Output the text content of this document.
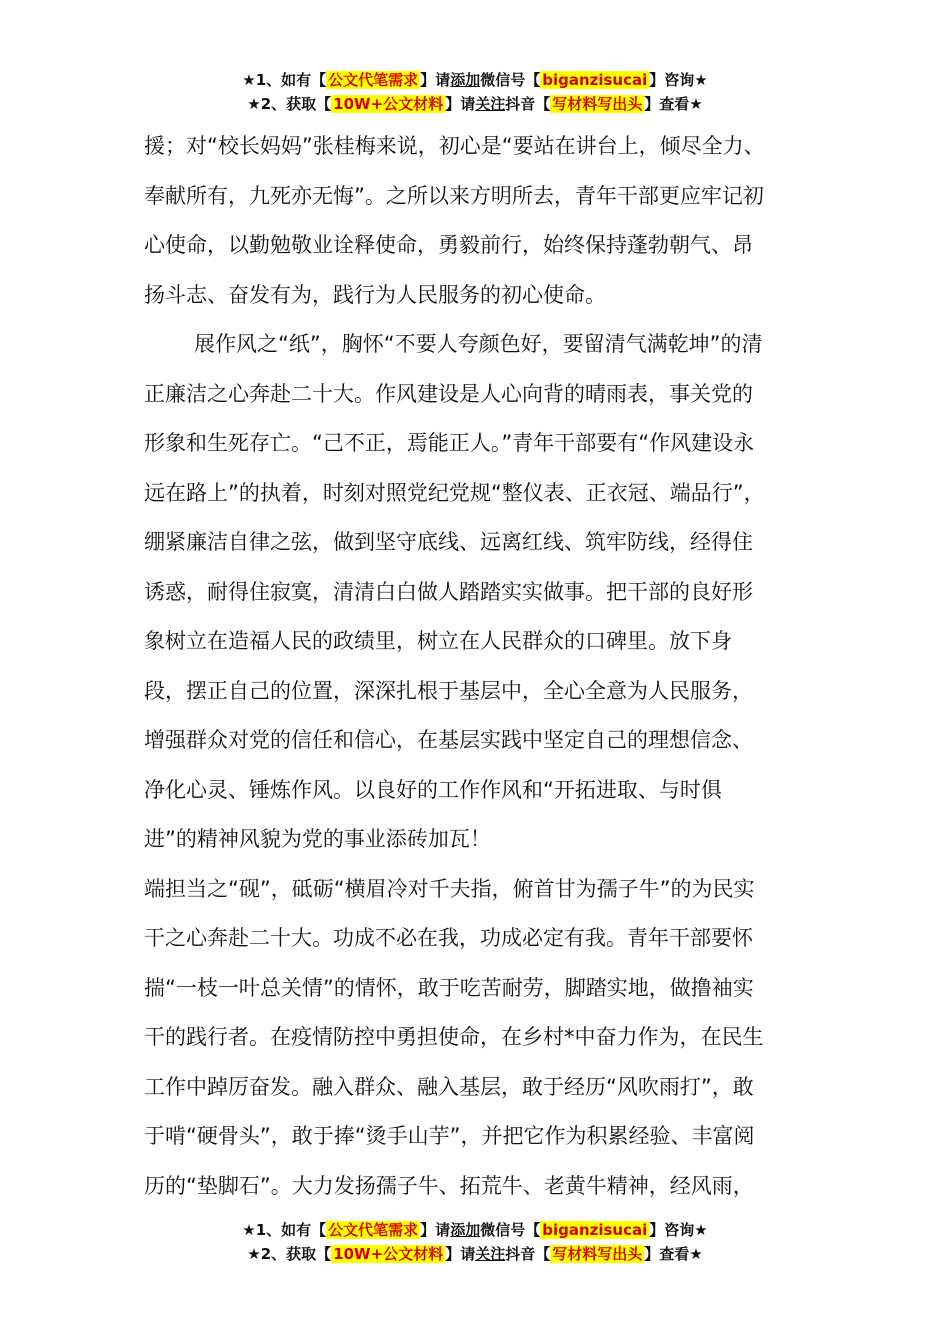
★1、如有【 公文代笔需求 】请添加微信号【 biganzisucai 】咨询★
★2、获取【 10W+公文材料 】请关注抖音【 写材料写出头 】查看★

援；对“校长妈妈”张桂梅来说，初心是“要站在讲台上，倾尽全力、
奉献所有，九死亦无悔”。之所以来方明所去，青年干部更应牢记初
心使命，以勤勉敬业诠释使命，勇毅前行，始终保持蓬勃朝气、昂
扬斗志、奋发有为，践行为人民服务的初心使命。

展作风之“纸”，胸怀“不要人夸颜色好，要留清气满乾坤”的清
正廉洁之心奔赴二十大。作风建设是人心向背的晴雨表，事关党的
形象和生死存亡。“己不正，焉能正人。”青年干部要有“作风建设永
远在路上”的执着，时刻对照党纪党规“整仪表、正衣冠、端品行”，
绷紧廉洁自律之弦，做到坚守底线、远离红线、筑牢防线，经得住
诱惑，耐得住寂寞，清清白白做人踏踏实实做事。把干部的良好形
象树立在造福人民的政绩里，树立在人民群众的口碑里。放下身
段，摆正自己的位置，深深扎根于基层中，全心全意为人民服务，
增强群众对党的信任和信心，在基层实践中坚定自己的理想信念、
净化心灵、锤炼作风。以良好的工作作风和“开拓进取、与时俱
进”的精神风貌为党的事业添砖加瓦！

端担当之“砚”，砥砺“横眉冷对千夫指，俯首甘为孺子牛”的为民实
干之心奔赴二十大。功成不必在我，功成必定有我。青年干部要怀
揣“一枝一叶总关情”的情怀，敢于吃苦耐劳，脚踏实地，做撸袖实
干的践行者。在疫情防控中勇担使命，在乡村*中奋力作为，在民生
工作中踔厉奋发。融入群众、融入基层，敢于经历“风吹雨打”，敢
于啃“硬骨头”，敢于捧“烫手山芋”，并把它作为积累经验、丰富阅
历的“垫脚石”。大力发扬孺子牛、拓荒牛、老黄牛精神，经风雨，

★1、如有【 公文代笔需求 】请添加微信号【 biganzisucai 】咨询★
★2、获取【 10W+公文材料 】请关注抖音【 写材料写出头 】查看★
